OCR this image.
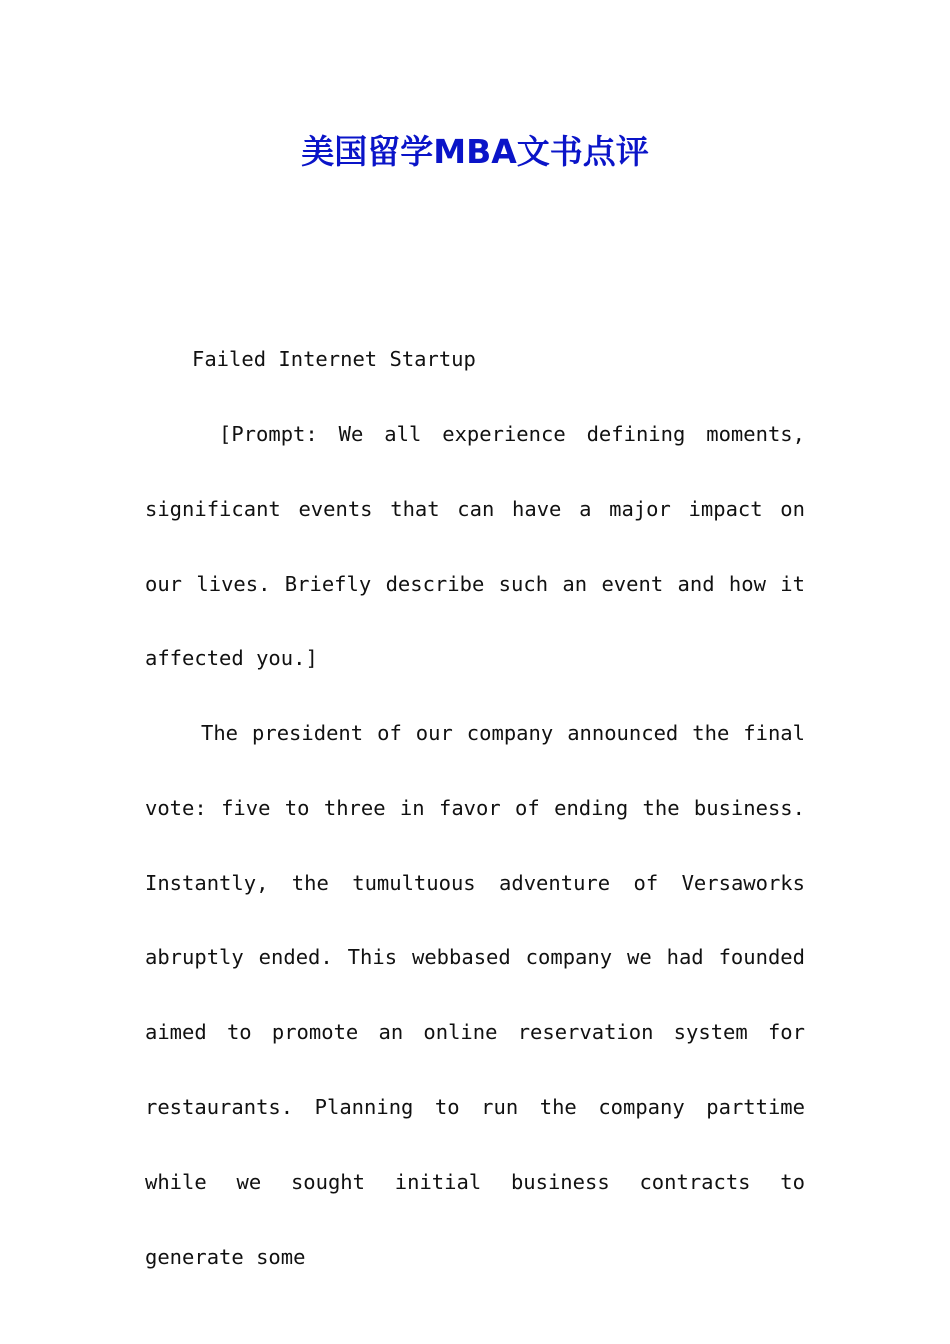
美国留学MBA文书点评

Failed Internet Startup

[Prompt: We all experience defining moments, significant events that can have a major impact on our lives. Briefly describe such an event and how it affected you.]

The president of our company announced the final vote: five to three in favor of ending the business. Instantly, the tumultuous adventure of Versaworks abruptly ended. This webbased company we had founded aimed to promote an online reservation system for restaurants. Planning to run the company parttime while we sought initial business contracts to generate some
